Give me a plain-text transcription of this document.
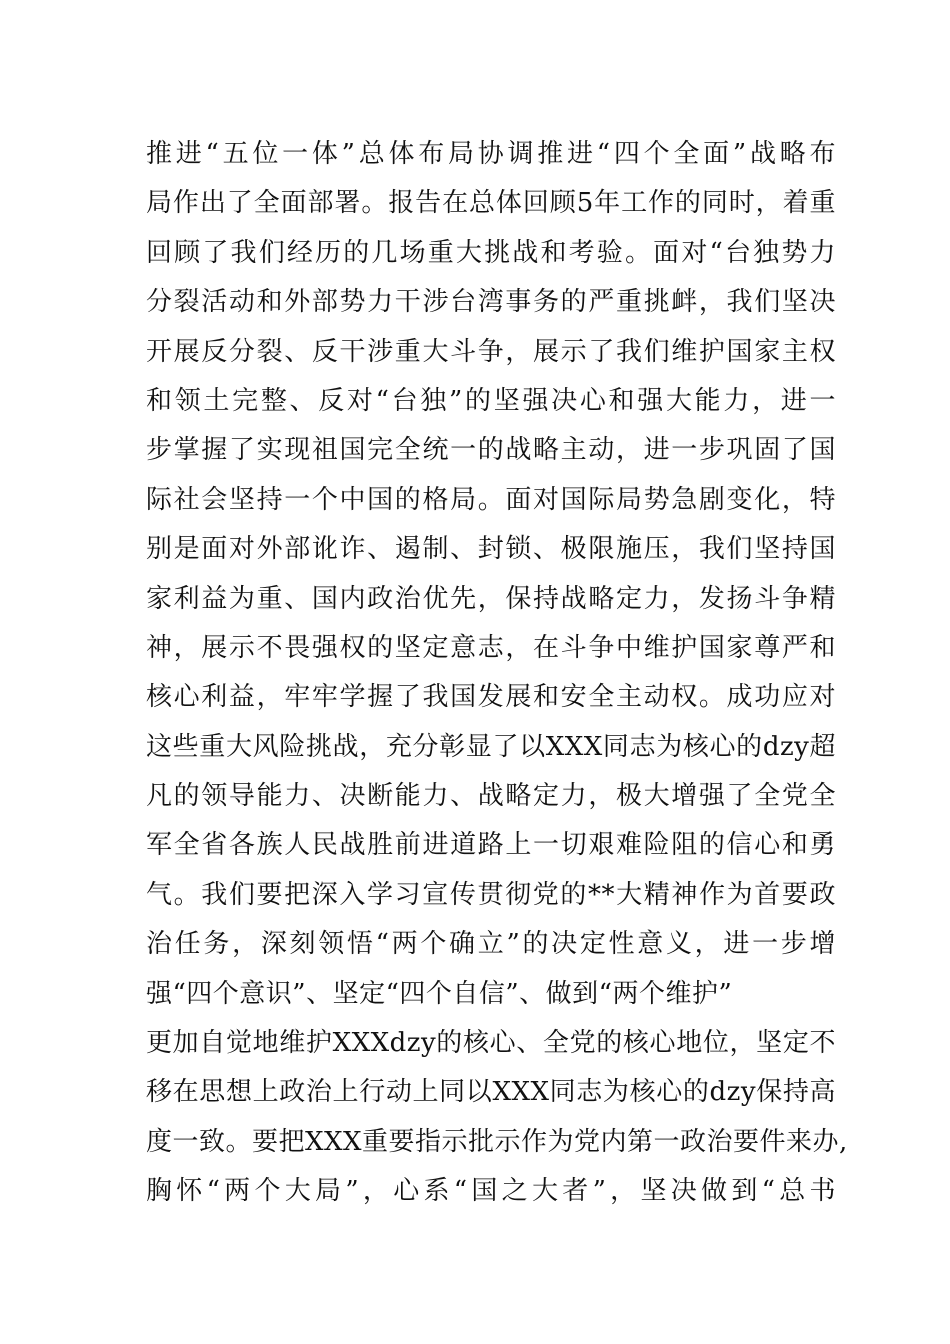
推进“五位一体”总体布局协调推进“四个全面”战略布
局作出了全面部署。报告在总体回顾5年工作的同时，着重
回顾了我们经历的几场重大挑战和考验。面对“台独势力
分裂活动和外部势力干涉台湾事务的严重挑衅，我们坚决
开展反分裂、反干涉重大斗争，展示了我们维护国家主权
和领土完整、反对“台独”的坚强决心和强大能力，进一
步掌握了实现祖国完全统一的战略主动，进一步巩固了国
际社会坚持一个中国的格局。面对国际局势急剧变化，特
别是面对外部讹诈、遏制、封锁、极限施压，我们坚持国
家利益为重、国内政治优先，保持战略定力，发扬斗争精
神，展示不畏强权的坚定意志，在斗争中维护国家尊严和
核心利益，牢牢学握了我国发展和安全主动权。成功应对
这些重大风险挑战，充分彰显了以XXX同志为核心的dzy超
凡的领导能力、决断能力、战略定力，极大增强了全党全
军全省各族人民战胜前进道路上一切艰难险阻的信心和勇
气。我们要把深入学习宣传贯彻党的**大精神作为首要政
治任务，深刻领悟“两个确立”的决定性意义，进一步增
强“四个意识”、坚定“四个自信”、做到“两个维护”
更加自觉地维护XXXdzy的核心、全党的核心地位，坚定不
移在思想上政治上行动上同以XXX同志为核心的dzy保持高
度一致。要把XXX重要指示批示作为党内第一政治要件来办,
胸怀“两个大局”，心系“国之大者”，坚决做到“总书
